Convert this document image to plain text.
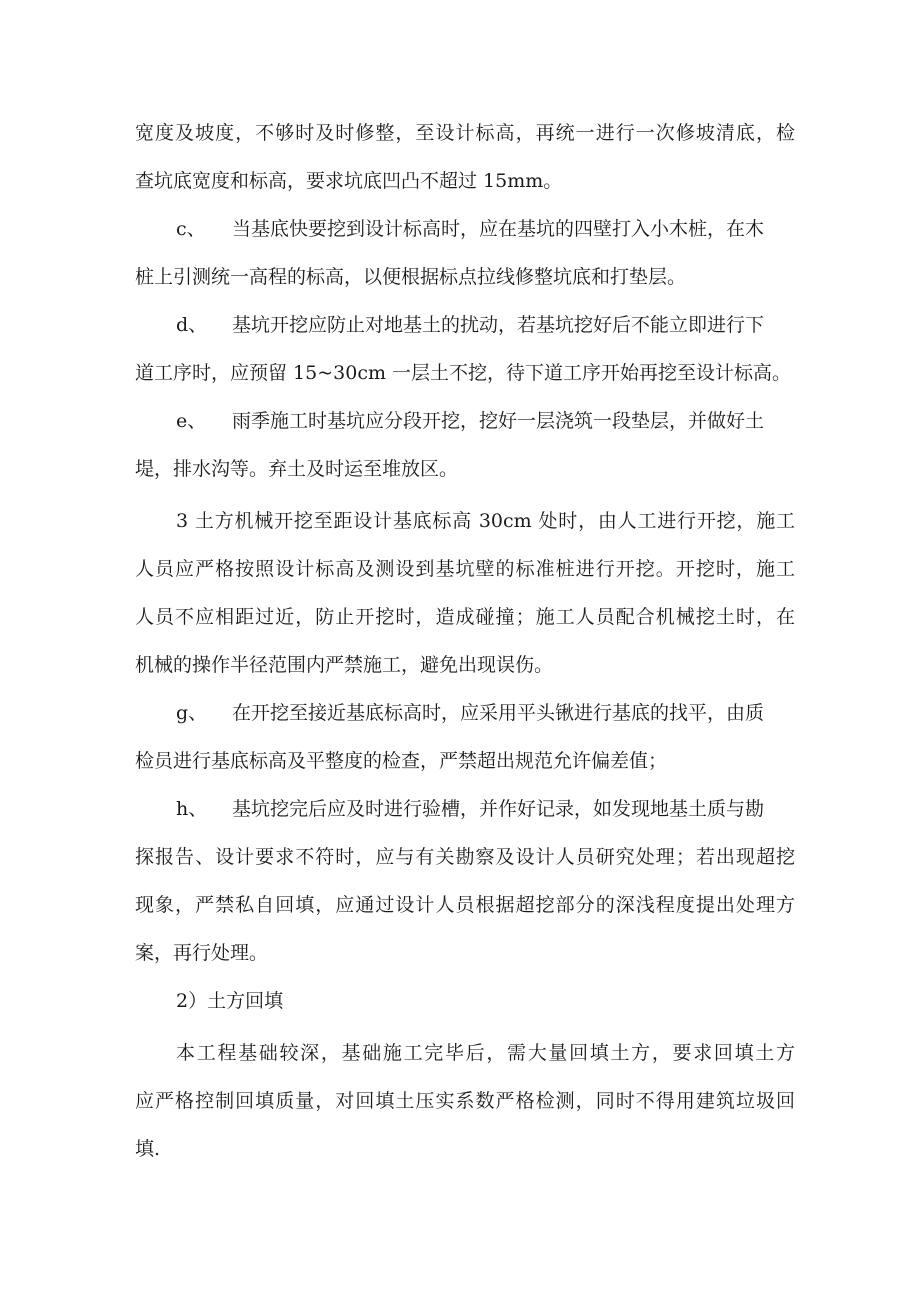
宽度及坡度，不够时及时修整，至设计标高，再统一进行一次修坡清底，检
查坑底宽度和标高，要求坑底凹凸不超过 15mm。
c、 当基底快要挖到设计标高时，应在基坑的四壁打入小木桩，在木
桩上引测统一高程的标高，以便根据标点拉线修整坑底和打垫层。
d、 基坑开挖应防止对地基土的扰动，若基坑挖好后不能立即进行下
道工序时，应预留 15~30cm 一层土不挖，待下道工序开始再挖至设计标高。
e、 雨季施工时基坑应分段开挖，挖好一层浇筑一段垫层，并做好土
堤，排水沟等。弃土及时运至堆放区。
3 土方机械开挖至距设计基底标高 30cm 处时，由人工进行开挖，施工
人员应严格按照设计标高及测设到基坑壁的标准桩进行开挖。开挖时，施工
人员不应相距过近，防止开挖时，造成碰撞；施工人员配合机械挖土时，在
机械的操作半径范围内严禁施工，避免出现误伤。
g、 在开挖至接近基底标高时，应采用平头锹进行基底的找平，由质
检员进行基底标高及平整度的检查，严禁超出规范允许偏差值；
h、 基坑挖完后应及时进行验槽，并作好记录，如发现地基土质与勘
探报告、设计要求不符时，应与有关勘察及设计人员研究处理；若出现超挖
现象，严禁私自回填，应通过设计人员根据超挖部分的深浅程度提出处理方
案，再行处理。
2）土方回填
本工程基础较深，基础施工完毕后，需大量回填土方，要求回填土方
应严格控制回填质量，对回填土压实系数严格检测，同时不得用建筑垃圾回
填.
